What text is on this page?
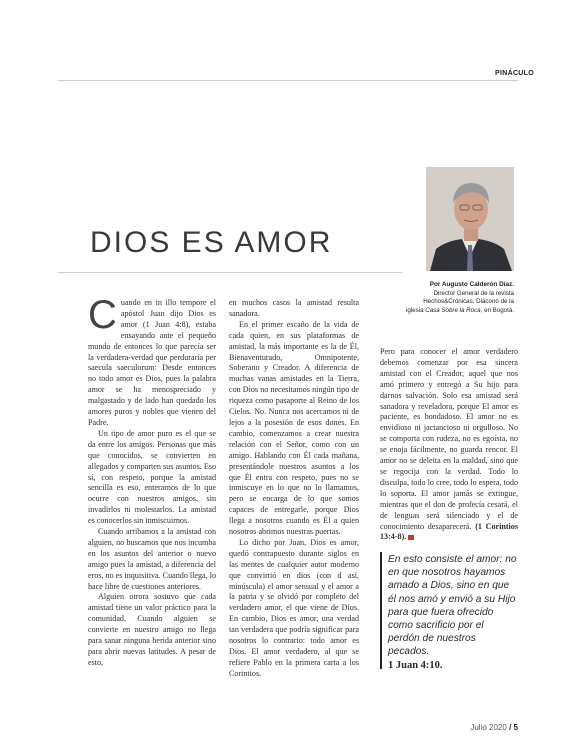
PINÁCULO
DIOS ES AMOR
Por Augusto Calderón Díaz.
Director General de la revista
Hechos&Crónicas. Diácono de la
iglesia Casa Sobre la Roca, en Bogotá.

Cuando en in illo tempore el apóstol Juan dijo Dios es amor (1 Juan 4:8), estaba ensayando ante el pequeño mundo de entonces lo que parecía ser la verdadera-verdad que perduraría per saecula saeculorum: Desde entonces no todo amor es Dios, pues la palabra amor se ha menospreciado y malgastado y de lado han quedado los amores puros y nobles que vienen del Padre.

Un tipo de amor puro es el que se da entre los amigos. Personas que más que conocidos, se convierten en allegados y comparten sus asuntos. Eso sí, con respeto, porque la amistad sencilla es eso, enterarnos de lo que ocurre con nuestros amigos, sin invadirlos ni molestarlos. La amistad es conocerlos sin inmiscuirnos.

Cuando arribamos a la amistad con alguien, no buscamos que nos incumba en los asuntos del anterior o nuevo amigo pues la amistad, a diferencia del eros, no es inquisitiva. Cuando llega, lo hace libre de cuestiones anteriores.

Alguien otrora sostuvo que cada amistad tiene un valor práctico para la comunidad. Cuando alguien se convierte en nuestro amigo no llega para sanar ninguna herida anterior sino para abrir nuevas latitudes. A pesar de esto,

en muchos casos la amistad resulta sanadora.

En el primer escaño de la vida de cada quien, en sus plataformas de amistad, la más importante es la de Él, Bienaventurado, Omnipotente, Soberano y Creador. A diferencia de muchas vanas amistades en la Tierra, con Dios no necesitamos ningún tipo de riqueza como pasaporte al Reino de los Cielos. No. Nunca nos acercamos ni de lejos a la posesión de esos dones. En cambio, comenzamos a crear nuestra relación con el Señor, como con un amigo. Hablando con Él cada mañana, presentándole nuestros asuntos a los que Él entra con respeto, pues no se inmiscuye en lo que no lo llamamos, pero se encarga de lo que somos capaces de entregarle, porque Dios llega a nosotros cuando es Él a quien nosotros abrimos nuestras puertas.

Lo dicho por Juan, Dios es amor, quedó contrapuesto durante siglos en las mentes de cualquier autor moderno que convirtió en dios (con d así, minúscula) el amor sensual y el amor a la patria y se olvidó por completo del verdadero amor, el que viene de Dios. En cambio, Dios es amor, una verdad tan verdadera que podría significar para nosotros lo contrario: todo amor es Dios. El amor verdadero, al que se refiere Pablo en la primera carta a los Corintios.

Pero para conocer el amor verdadero debemos comenzar por esa sincera amistad con el Creador, aquel que nos amó primero y entregó a Su hijo para darnos salvación. Solo esa amistad será sanadora y reveladora, porque El amor es paciente, es bondadoso. El amor no es envidioso ni jactancioso ni orgulloso. No se comporta con rudeza, no es egoísta, no se enoja fácilmente, no guarda rencor. El amor no se deleita en la maldad, sino que se regocija con la verdad. Todo lo disculpa, todo lo cree, todo lo espera, todo lo soporta. El amor jamás se extingue, mientras que el don de profecía cesará, el de lenguas será silenciado y el de conocimiento desaparecerá. (1 Corintios 13:4-8).

En esto consiste el amor: no en que nosotros hayamos amado a Dios, sino en que él nos amó y envió a su Hijo para que fuera ofrecido como sacrificio por el perdón de nuestros pecados.
1 Juan 4:10.
Julio 2020 / 5
